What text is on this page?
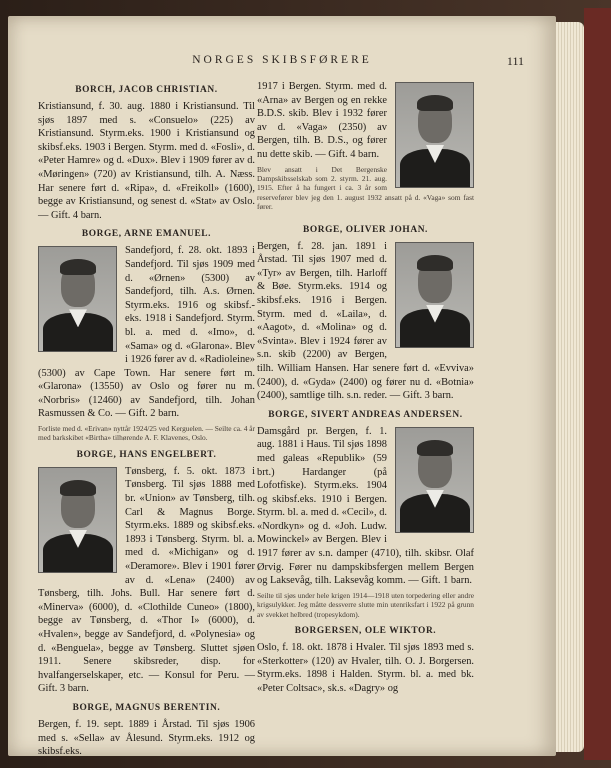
NORGES SKIBSFØRERE	111
BORCH, JACOB CHRISTIAN.

Kristiansund, f. 30. aug. 1880 i Kristiansund. Til sjøs 1897 med s. «Consuelo» (225) av Kristiansund. Styrm.eks. 1900 i Kristiansund og skibsf.eks. 1903 i Bergen. Styrm. med d. «Fosli», d. «Peter Hamre» og d. «Dux». Blev i 1909 fører av d. «Møringen» (720) av Kristiansund, tilh. A. Næss. Har senere ført d. «Ripa», d. «Freikoll» (1600), begge av Kristiansund, og senest d. «Stat» av Oslo. — Gift. 4 barn.

BORGE, ARNE EMANUEL.

Sandefjord, f. 28. okt. 1893 i Sandefjord. Til sjøs 1909 med d. «Ørnen» (5300) av Sandefjord, tilh. A.s. Ørnen. Styrm.eks. 1916 og skibsf.-eks. 1918 i Sandefjord. Styrm. bl. a. med d. «Imo», d. «Sama» og d. «Glarona». Blev i 1926 fører av d. «Radioleine» (5300) av Cape Town. Har senere ført m. «Glarona» (13550) av Oslo og fører nu m. «Norbris» (12460) av Sandefjord, tilh. Johan Rasmussen & Co. — Gift. 2 barn.

Forliste med d. «Erivan» nyttår 1924/25 ved Kerguelen. — Seilte ca. 4 år med barkskibet «Birtha» tilhørende A. F. Klavenes, Oslo.

BORGE, HANS ENGELBERT.

Tønsberg, f. 5. okt. 1873 i Tønsberg. Til sjøs 1888 med br. «Union» av Tønsberg, tilh. Carl & Magnus Borge. Styrm.eks. 1889 og skibsf.eks. 1893 i Tønsberg. Styrm. bl. a. med d. «Michigan» og d. «Deramore». Blev i 1901 fører av d. «Lena» (2400) av Tønsberg, tilh. Johs. Bull. Har senere ført d. «Minerva» (6000), d. «Clothilde Cuneo» (1800), begge av Tønsberg, d. «Thor I» (6000), d. «Hvalen», begge av Sandefjord, d. «Polynesia» og d. «Benguela», begge av Tønsberg. Sluttet sjøen 1911. Senere skibsreder, disp. for hvalfangerselskaper, etc. — Konsul for Peru. — Gift. 3 barn.

BORGE, MAGNUS BERENTIN.

Bergen, f. 19. sept. 1889 i Årstad. Til sjøs 1906 med s. «Sella» av Ålesund. Styrm.eks. 1912 og skibsf.eks.

1917 i Bergen. Styrm. med d. «Arna» av Bergen og en rekke B.D.S. skib. Blev i 1932 fører av d. «Vaga» (2350) av Bergen, tilh. B. D.S., og fører nu dette skib. — Gift. 4 barn.

Blev ansatt i Det Bergenske Dampskibsselskab som 2. styrm. 21. aug. 1915. Efter å ha fungert i ca. 3 år som reservefører blev jeg den 1. august 1932 ansatt på d. «Vaga» som fast fører.

BORGE, OLIVER JOHAN.

Bergen, f. 28. jan. 1891 i Årstad. Til sjøs 1907 med d. «Tyr» av Bergen, tilh. Harloff & Bøe. Styrm.eks. 1914 og skibsf.eks. 1916 i Bergen. Styrm. med d. «Laila», d. «Aagot», d. «Molina» og d. «Svinta». Blev i 1924 fører av s.n. skib (2200) av Bergen, tilh. William Hansen. Har senere ført d. «Evviva» (2400), d. «Gyda» (2400) og fører nu d. «Botnia» (2400), samtlige tilh. s.n. reder. — Gift. 3 barn.

BORGE, SIVERT ANDREAS ANDERSEN.

Damsgård pr. Bergen, f. 1. aug. 1881 i Haus. Til sjøs 1898 med galeas «Republik» (59 brt.) Hardanger (på Lofotfiske). Styrm.eks. 1904 og skibsf.eks. 1910 i Bergen. Styrm. bl. a. med d. «Cecil», d. «Nordkyn» og d. «Joh. Ludw. Mowinckel» av Bergen. Blev i 1917 fører av s.n. damper (4710), tilh. skibsr. Olaf Ørvig. Fører nu dampskibsfergen mellem Bergen og Laksevåg, tilh. Laksevåg komm. — Gift. 1 barn.

Seilte til sjøs under hele krigen 1914—1918 uten torpedering eller andre krigsulykker. Jeg måtte dessverre slutte min utenriksfart i 1922 på grunn av svekket helbred (tropesykdom).

BORGERSEN, OLE WIKTOR.

Oslo, f. 18. okt. 1878 i Hvaler. Til sjøs 1893 med s. «Sterkotter» (120) av Hvaler, tilh. O. J. Borgersen. Styrm.eks. 1898 i Halden. Styrm. bl. a. med bk. «Peter Coltsac», sk.s. «Dagry» og
